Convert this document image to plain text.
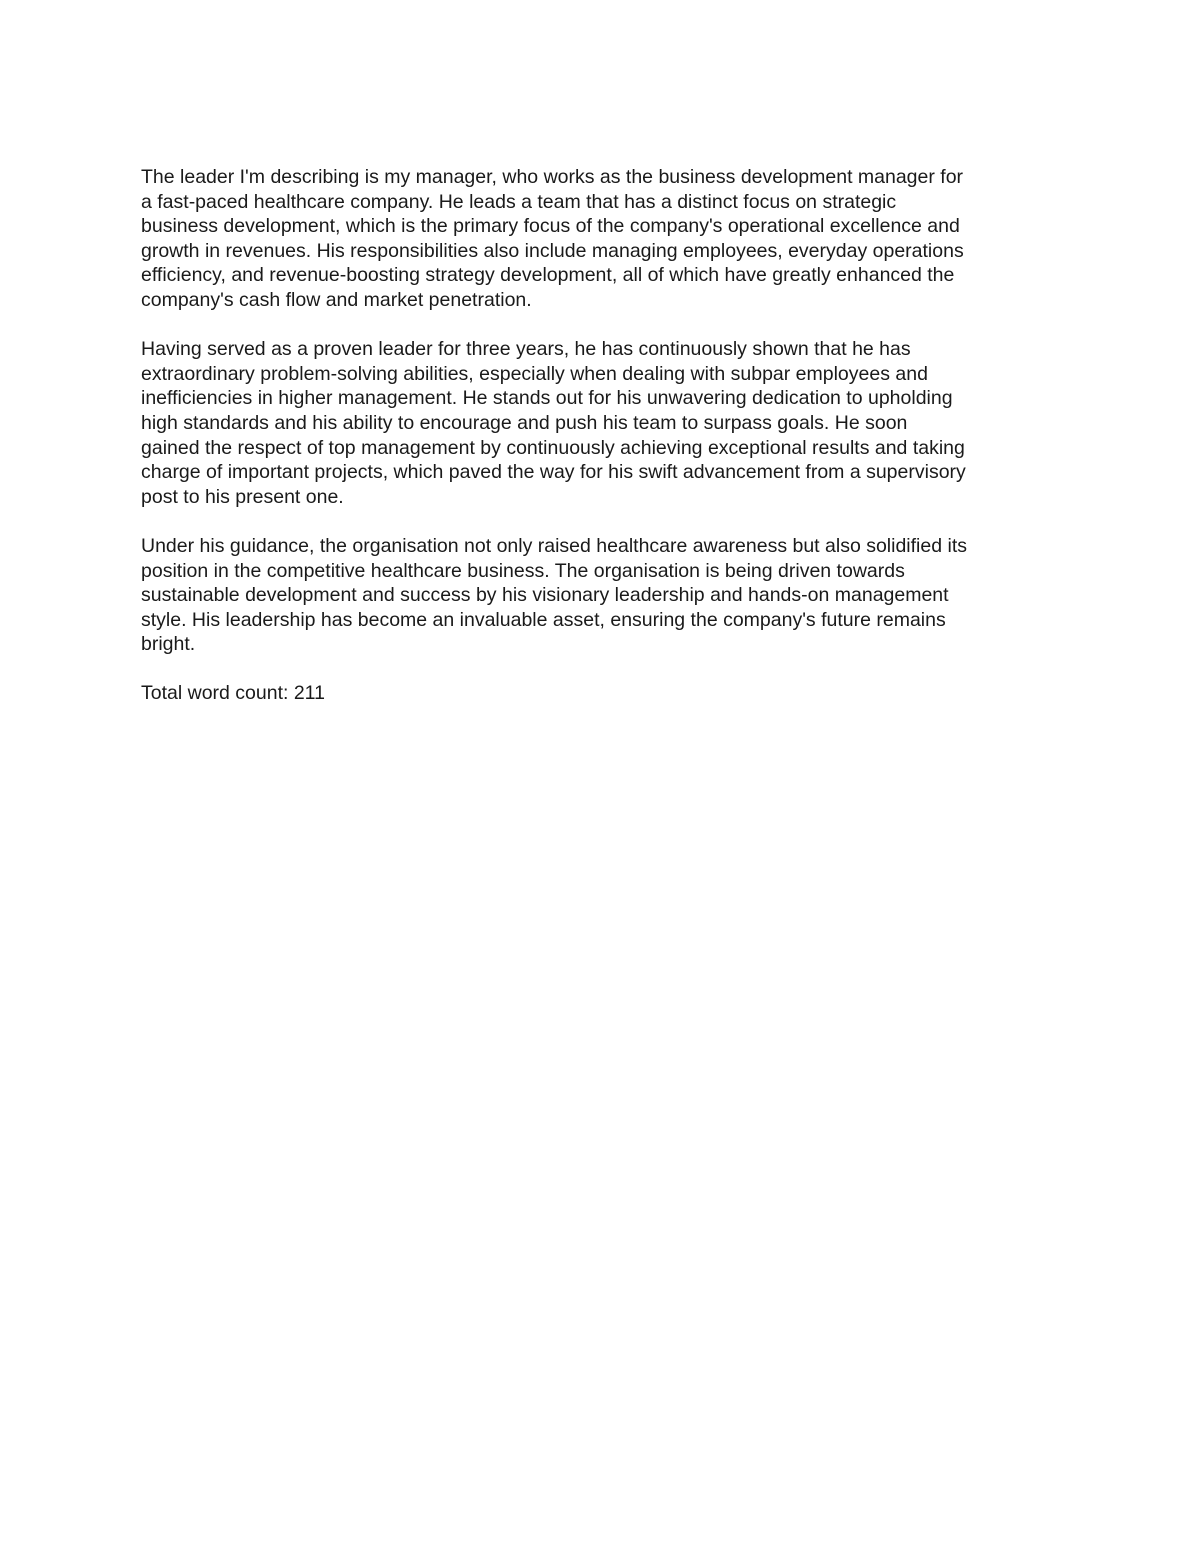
The leader I'm describing is my manager, who works as the business development manager for
a fast-paced healthcare company. He leads a team that has a distinct focus on strategic
business development, which is the primary focus of the company's operational excellence and
growth in revenues. His responsibilities also include managing employees, everyday operations
efficiency, and revenue-boosting strategy development, all of which have greatly enhanced the
company's cash flow and market penetration.

Having served as a proven leader for three years, he has continuously shown that he has
extraordinary problem-solving abilities, especially when dealing with subpar employees and
inefficiencies in higher management. He stands out for his unwavering dedication to upholding
high standards and his ability to encourage and push his team to surpass goals. He soon
gained the respect of top management by continuously achieving exceptional results and taking
charge of important projects, which paved the way for his swift advancement from a supervisory
post to his present one.

Under his guidance, the organisation not only raised healthcare awareness but also solidified its
position in the competitive healthcare business. The organisation is being driven towards
sustainable development and success by his visionary leadership and hands-on management
style. His leadership has become an invaluable asset, ensuring the company's future remains
bright.

Total word count: 211
